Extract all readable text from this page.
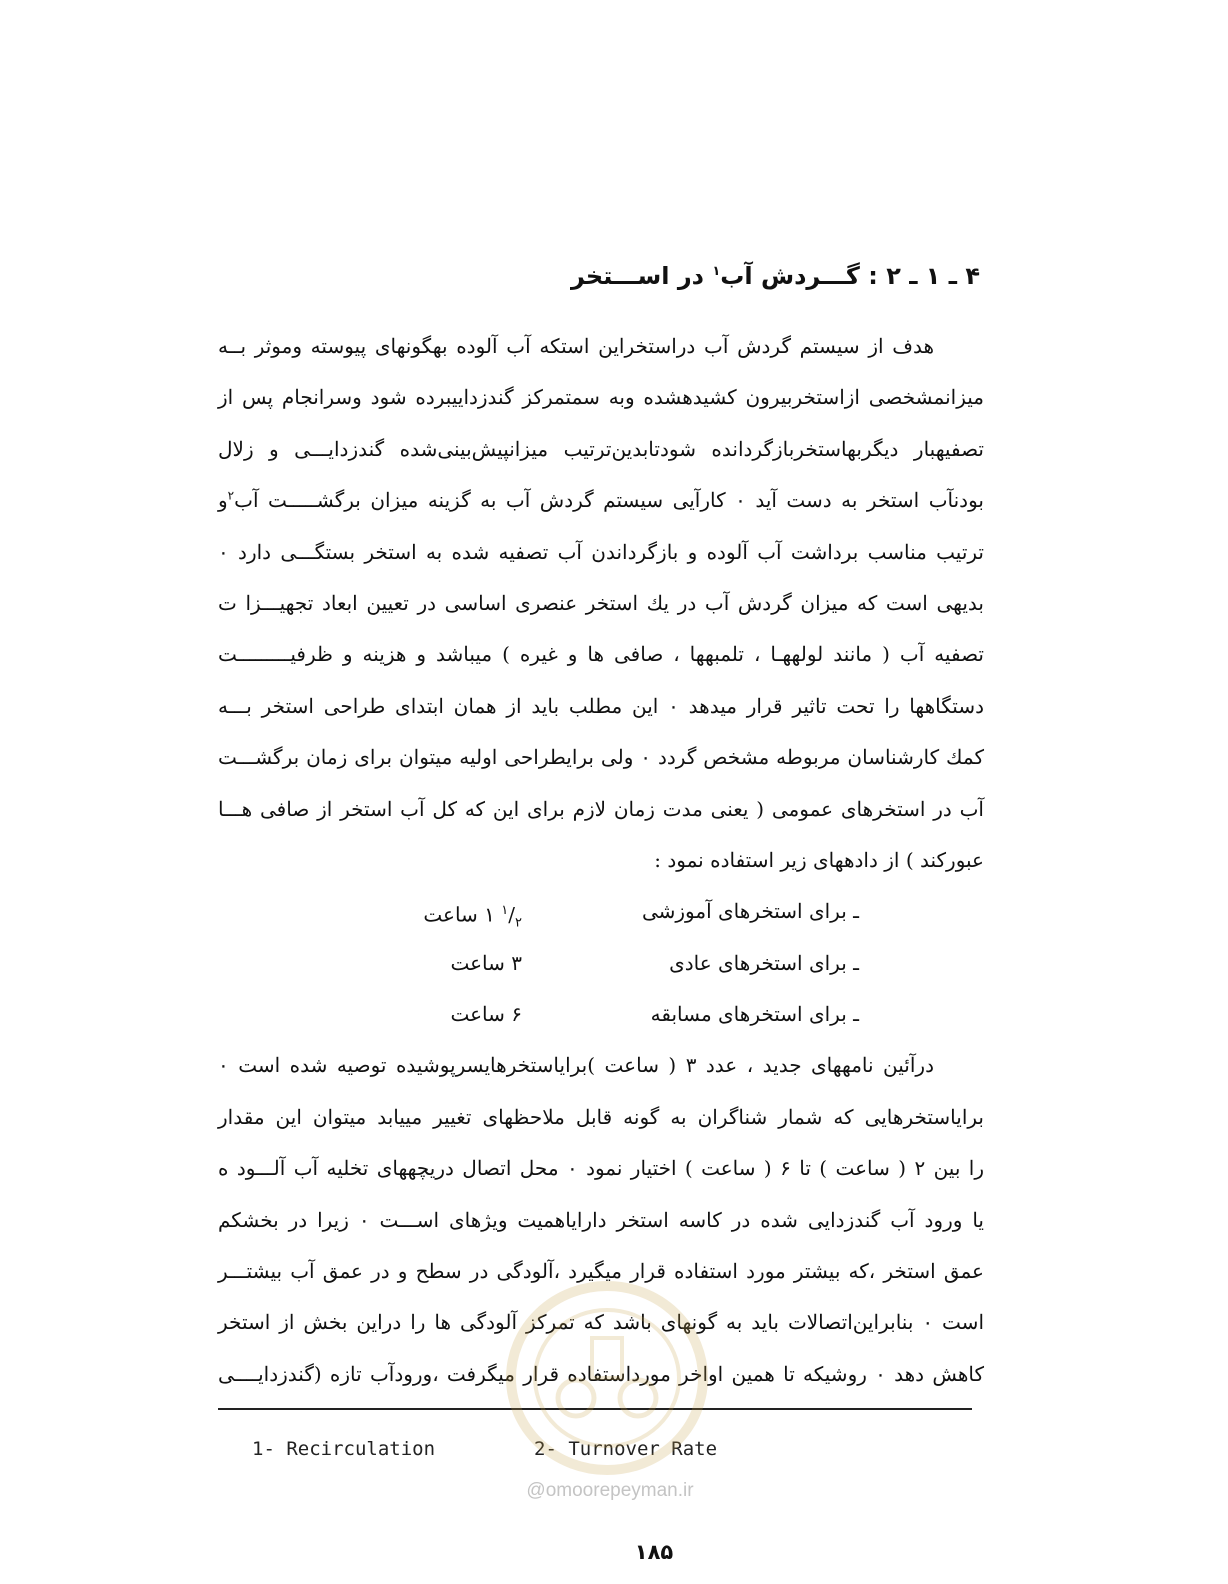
۴ ـ ۱ ـ ۲ : گـــردش آب$^۱$ در اســـتخر
هدف از سیستم گردش آب دراستخراین استکه آب آلوده بهگونهای پیوسته وموثر بــه
میزانمشخصی ازاستخربیرون کشیدهشده وبه سمتمرکز گندزداییبرده شود وسرانجام پس از
تصفیهبار دیگربهاستخربازگردانده شودتابدین‌ترتیب میزانپیش‌بینی‌شده گندزدایـــی و زلال
بودنآب استخر به دست آید ۰ کارآیی سیستم گردش آب به گزینه میزان برگشـــــت آب$^۲$و
ترتیب مناسب برداشت آب آلوده و بازگرداندن آب تصفیه شده به استخر بستگـــی دارد ۰
بدیهی است که میزان گردش آب در یك استخر عنصری اساسی در تعیین ابعاد تجهیـــزا ت
تصفیه آب ( مانند لولههـا ، تلمبهها ، صافی ها و غیره ) میباشد و هزینه و ظرفیـــــــــت
دستگاهها را تحت تاثیر قرار میدهد ۰ این مطلب باید از همان ابتدای طراحی استخر بـــه
کمك کارشناسان مربوطه مشخص گردد ۰ ولی برایطراحی اولیه میتوان برای زمان برگشـــت
آب در استخرهای عمومی ( یعنی مدت زمان لازم برای این که کل آب استخر از صافی هـــا
عبورکند ) از دادههای زیر استفاده نمود :
ـ برای استخرهای آموزشی
$^۱/_۲$ ۱ ساعت
ـ برای استخرهای عادی
۳ ساعت
ـ برای استخرهای مسابقه
۶ ساعت
درآئین نامههای جدید ، عدد ۳ ( ساعت )برایاستخرهایسرپوشیده توصیه شده است ۰
برایاستخرهایی که شمار شناگران به گونه قابل ملاحظهای تغییر مییابد میتوان این مقدار
را بین ۲ ( ساعت ) تا ۶ ( ساعت ) اختیار نمود ۰ محل اتصال دریچههای تخلیه آب آلـــود ه
یا ورود آب گندزدایی شده در کاسه استخر دارایاهمیت ویژهای اســـت ۰ زیرا در بخشکم
عمق استخر ،که بیشتر مورد استفاده قرار میگیرد ،آلودگی در سطح و در عمق آب بیشتـــر
است ۰ بنابراین‌اتصالات باید به گونهای باشد که تمرکز آلودگی ها را دراین بخش از استخر
کاهش دهد ۰ روشیکه تا همین اواخر مورداستفاده قرار میگرفت ،ورودآب تازه (گندزدایــــی
1- Recirculation	2- Turnover Rate
@omoorepeyman.ir
۱۸۵
